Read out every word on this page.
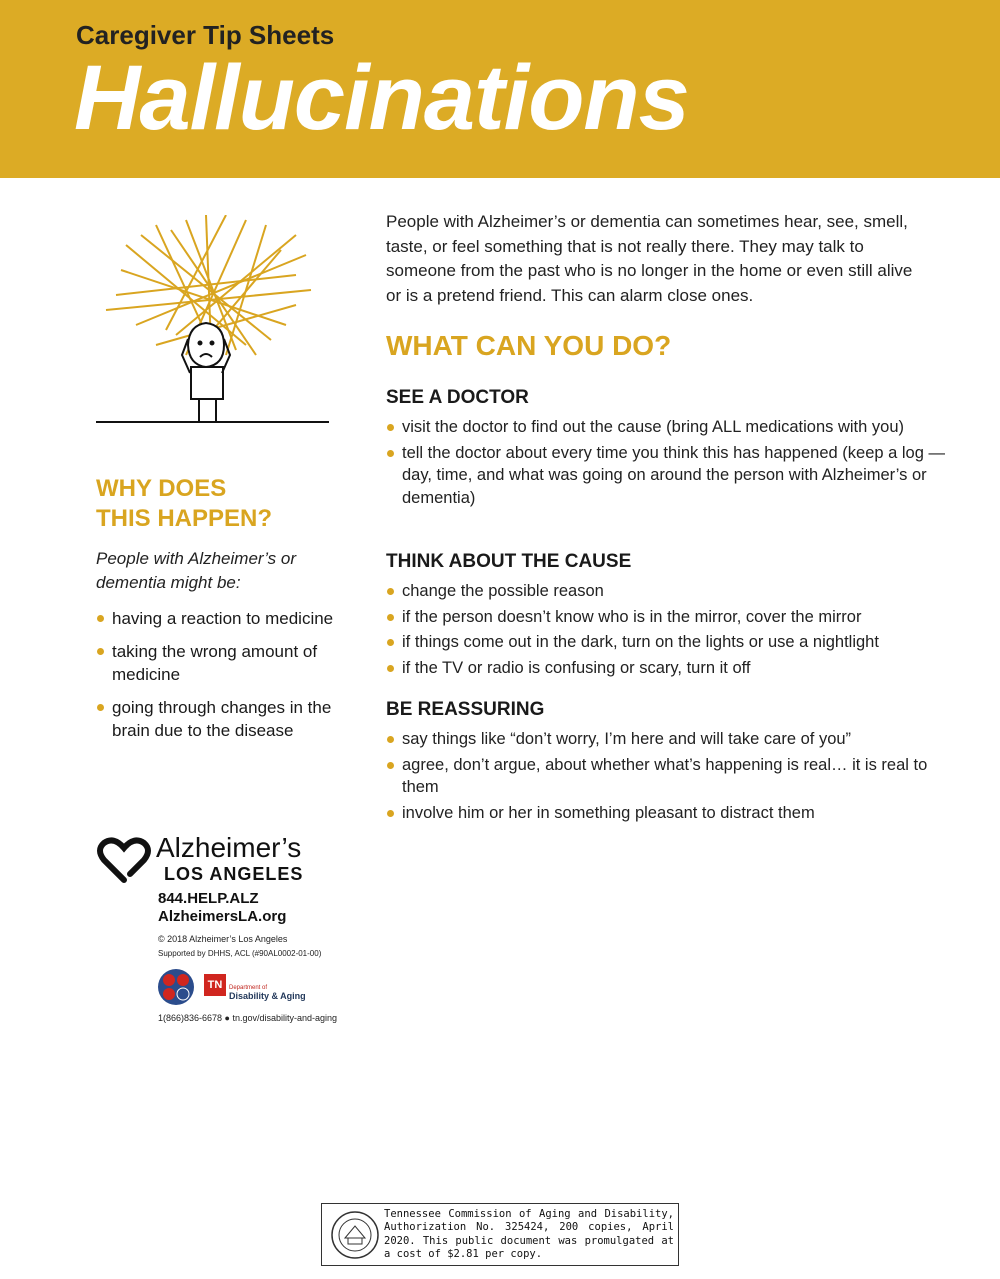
Caregiver Tip Sheets
Hallucinations
WHY DOES
THIS HAPPEN?
People with Alzheimer’s or dementia might be:
having a reaction to medicine
taking the wrong amount of medicine
going through changes in the brain due to the disease
People with Alzheimer’s or dementia can sometimes hear, see, smell, taste, or feel something that is not really there. They may talk to someone from the past who is no longer in the home or even still alive or is a pretend friend. This can alarm close ones.
WHAT CAN YOU DO?
SEE A DOCTOR
visit the doctor to find out the cause (bring ALL medications with you)
tell the doctor about every time you think this has happened (keep a log — day, time, and what was going on around the person with Alzheimer’s or dementia)
THINK ABOUT THE CAUSE
change the possible reason
if the person doesn’t know who is in the mirror, cover the mirror
if things come out in the dark, turn on the lights or use a nightlight
if the TV or radio is confusing or scary, turn it off
BE REASSURING
say things like “don’t worry, I’m here and will take care of you”
agree, don’t argue, about whether what’s happening is real… it is real to them
involve him or her in something pleasant to distract them
Alzheimer’s
LOS ANGELES
844.HELP.ALZ
AlzheimersLA.org
© 2018 Alzheimer’s Los Angeles
Supported by DHHS, ACL (#90AL0002-01-00)
TN	Department of
Disability & Aging
1(866)836-6678 ● tn.gov/disability-and-aging
Tennessee Commission of Aging and Disability, Authorization No. 325424, 200 copies, April 2020. This public document was promulgated at a cost of $2.81 per copy.
